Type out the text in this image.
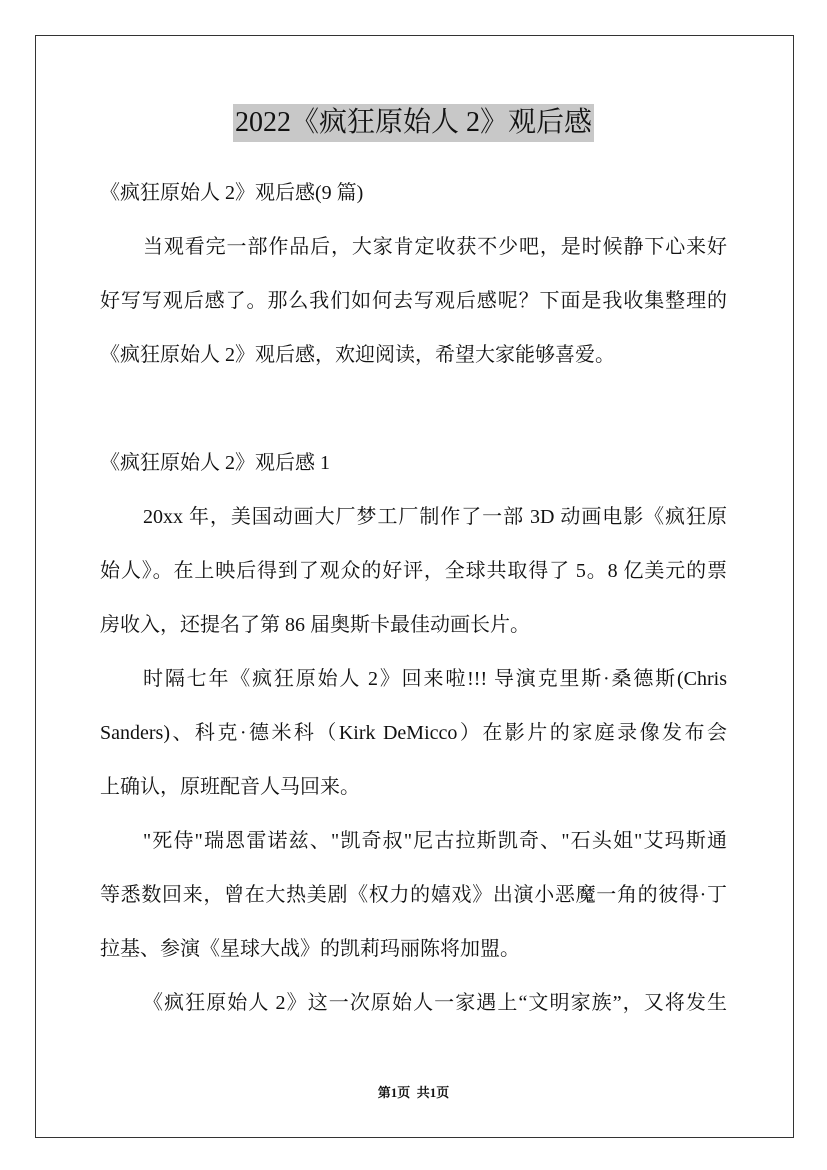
2022《疯狂原始人 2》观后感
《疯狂原始人 2》观后感(9 篇)
当观看完一部作品后，大家肯定收获不少吧，是时候静下心来好
好写写观后感了。那么我们如何去写观后感呢？下面是我收集整理的
《疯狂原始人 2》观后感，欢迎阅读，希望大家能够喜爱。
《疯狂原始人 2》观后感 1
20xx 年，美国动画大厂梦工厂制作了一部 3D 动画电影《疯狂原
始人》。在上映后得到了观众的好评，全球共取得了 5。8 亿美元的票
房收入，还提名了第 86 届奥斯卡最佳动画长片。
时隔七年《疯狂原始人 2》回来啦!!! 导演克里斯·桑德斯(Chris
Sanders)、科克·德米科（Kirk DeMicco）在影片的家庭录像发布会
上确认，原班配音人马回来。
"死侍"瑞恩雷诺兹、"凯奇叔"尼古拉斯凯奇、"石头姐"艾玛斯通
等悉数回来，曾在大热美剧《权力的嬉戏》出演小恶魔一角的彼得·丁
拉基、参演《星球大战》的凯莉玛丽陈将加盟。
《疯狂原始人 2》这一次原始人一家遇上“文明家族”，又将发生
第1页  共1页
